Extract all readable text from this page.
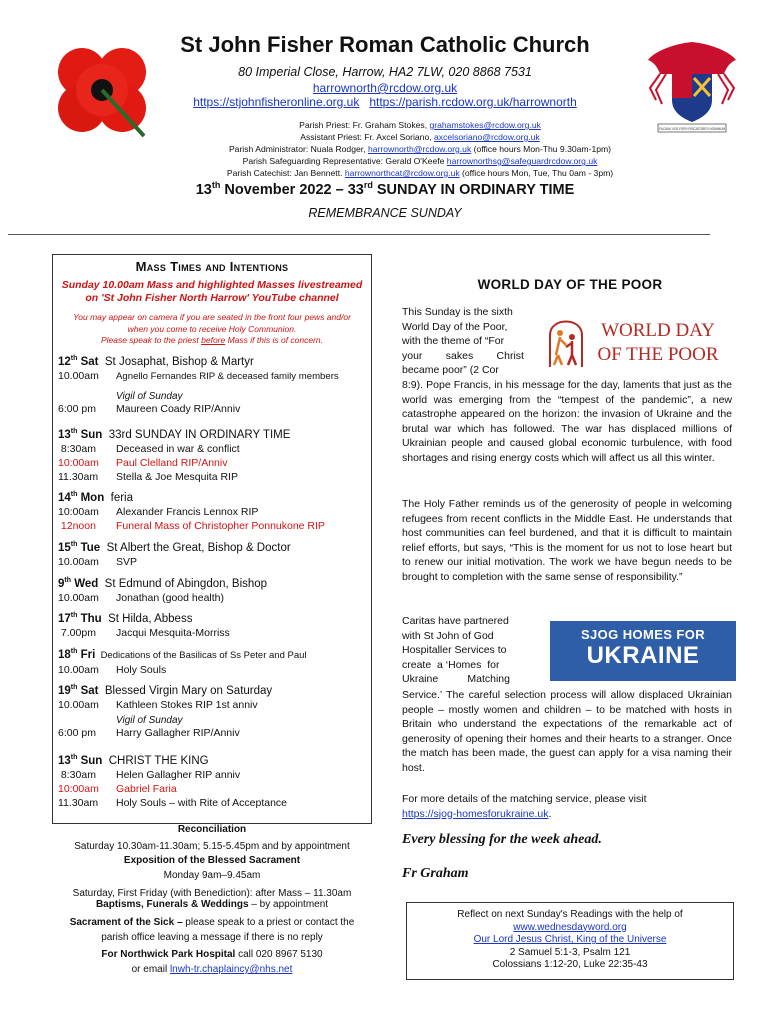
FACIAM VOS FIERI PISCATORES HOMINUM
St John Fisher Roman Catholic Church
80 Imperial Close, Harrow, HA2 7LW, 020 8868 7531
harrownorth@rcdow.org.uk
https://stjohnfisheronline.org.uk https://parish.rcdow.org.uk/harrownorth
Parish Priest: Fr. Graham Stokes, grahamstokes@rcdow.org.uk
Assistant Priest: Fr. Axcel Soriano, axcelsoriano@rcdow.org.uk
Parish Administrator: Nuala Rodger, harrownorth@rcdow.org.uk (office hours Mon-Thu 9.30am-1pm)
Parish Safeguarding Representative: Gerald O'Keefe harrownorthsg@safeguardrcdow.org.uk
Parish Catechist: Jan Bennett. harrownorthcat@rcdow.org.uk (office hours Mon, Tue, Thu 0am - 3pm)
13th November 2022 – 33rd SUNDAY IN ORDINARY TIME
REMEMBRANCE SUNDAY
Mass Times and Intentions
Sunday 10.00am Mass and highlighted Masses livestreamed on 'St John Fisher North Harrow' YouTube channel
You may appear on camera if you are seated in the front four pews and/or
when you come to receive Holy Communion.
Please speak to the priest before Mass if this is of concern.
12th Sat  St Josaphat, Bishop & Martyr
10.00am Agnello Fernandes RIP & deceased family members
Vigil of Sunday
6:00 pm Maureen Coady RIP/Anniv
13th Sun  33rd SUNDAY IN ORDINARY TIME
8:30am Deceased in war & conflict
10:00am Paul Clelland RIP/Anniv
11.30am Stella & Joe Mesquita RIP
14th Mon  feria
10:00am Alexander Francis Lennox RIP
12noon Funeral Mass of Christopher Ponnukone RIP
15th Tue  St Albert the Great, Bishop & Doctor
10.00am SVP
9th Wed  St Edmund of Abingdon, Bishop
10.00am Jonathan (good health)
17th Thu  St Hilda, Abbess
7.00pm Jacqui Mesquita-Morriss
18th Fri  Dedications of the Basilicas of Ss Peter and Paul
10.00am Holy Souls
19th Sat  Blessed Virgin Mary on Saturday
10.00am Kathleen Stokes RIP 1st anniv
Vigil of Sunday
6:00 pm Harry Gallagher RIP/Anniv
13th Sun  CHRIST THE KING
8:30am Helen Gallagher RIP anniv
10:00am Gabriel Faria
11.30am Holy Souls – with Rite of Acceptance
Reconciliation
Saturday 10.30am-11.30am; 5.15-5.45pm and by appointment
Exposition of the Blessed Sacrament
Monday 9am–9.45am
Saturday, First Friday (with Benediction): after Mass – 11.30am
Baptisms, Funerals & Weddings – by appointment
Sacrament of the Sick – please speak to a priest or contact the
parish office leaving a message if there is no reply
For Northwick Park Hospital call 020 8967 5130
or email lnwh-tr.chaplaincy@nhs.net
WORLD DAY OF THE POOR
WORLD DAY
OF THE POOR
This Sunday is the sixth
World Day of the Poor,
with the theme of “For
your        sakes        Christ
became poor” (2 Cor
8:9). Pope Francis, in his message for the day, laments that just as the world was emerging from the “tempest of the pandemic”, a new catastrophe appeared on the horizon: the invasion of Ukraine and the brutal war which has followed. The war has displaced millions of Ukrainian people and caused global economic turbulence, with food shortages and rising energy costs which will affect us all this winter.
The Holy Father reminds us of the generosity of people in welcoming refugees from recent conflicts in the Middle East. He understands that host communities can feel burdened, and that it is difficult to maintain relief efforts, but says, “This is the moment for us not to lose heart but to renew our initial motivation. The work we have begun needs to be brought to completion with the same sense of responsibility.”
Caritas have partnered
with St John of God
Hospitaller Services to
create  a ‘Homes  for
Ukraine          Matching
SJOG HOMES FOR
UKRAINE
Service.’ The careful selection process will allow displaced Ukrainian people – mostly women and children – to be matched with hosts in Britain who understand the expectations of the remarkable act of generosity of opening their homes and their hearts to a stranger. Once the match has been made, the guest can apply for a visa naming their host.
For more details of the matching service, please visit
https://sjog-homesforukraine.uk.
Every blessing for the week ahead.
Fr Graham
Reflect on next Sunday's Readings with the help of
www.wednesdayword.org
Our Lord Jesus Christ, King of the Universe
2 Samuel 5:1-3, Psalm 121
Colossians 1:12-20, Luke 22:35-43
